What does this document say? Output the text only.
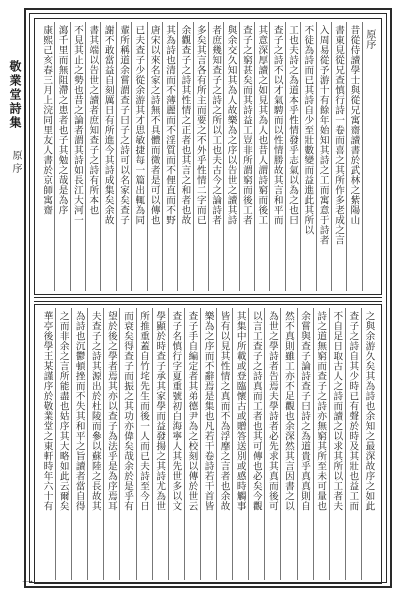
原序
昔從侍讀學士與從兄寓齋讀書於武林之紫陽山
書東見從兄查慎行詩一卷而喜之其所作多老成之言
入周易從予游十有餘年始知其詩之工而寓意于詩者
不徒為詩而已其詩自少至壯數變而益進此其所以
工也夫詩之為道本乎性情發乎志氣以為之也曰
查子之詩不以才氣騁而以性情勝故其言和平而
其意深厚讀之如見其為人也昔人謂詩窮而後工
查子之窮甚矣而其詩益工豈非所謂窮而後工者
與余交久知其為人故樂為之序以告世之讀其詩
者庶幾知查子之詩之所以工也夫古今之論詩者
多矣其言各有所主而要之不外乎性情二字而已
余觀查子之詩其性情之正者也其言之和者也故
其為詩也清而不薄麗而不淫質而不俚直而不野
唐宋以來名家之詩無不具體而微者是可以傳也
已夫查子少從余游其才思敏捷每一篇出輒為同
輩所稱道余嘗謂查子曰子之詩可以名家矣查子
謝不敢當益自刻厲日有所進今其詩成集矣余故
書其端以告世之讀者庶知查子之詩有所本也
不見其止之勢也昔之論者謂其詩如長江大河一
瀉千里而無阻滯之患者也子其勉之哉是為序
康熙己亥春三月上浣同里友人書於京師寓齋
之與余游久矣其為詩也余知之最深故序之如此
查子之詩自其少時已有聲於時及其壯也益工而
不自足日取古人之詩而讀之以求其所以工者夫
詩之道無窮而查子之詩亦無窮其所至未可量也
余嘗與查子論詩查子曰詩之為道貴乎真真則自
然不真則雖工亦不足觀也余深然其言因書之以
為世之學詩者告焉夫學詩者必先求其真而後可
以言工查子之詩真而工者也其可傳也必矣今觀
其集中所載或登臨懷古或贈答送別或感時觸事
皆有以見其性情之真而不為浮靡之言者也余故
樂為之序而不辭焉是集也凡若干卷詩若干首皆
查子手自編定者其弟德尹為之校刻以傳於世云
查子名慎行字夏重號初白海寧人其先世多以文
學顯於時查子承其家學而益發揚之其詩尤為世
所推重蓋自竹垞先生而後一人而已夫詩至今日
而衰矣得查子而振之其功亦偉矣哉余於是乎有
望於後之學者焉其亦以查子為法乎是為序焉耳
夫查子之詩其源出於杜陵而參以蘇陸之長故其
為詩也沉鬱頓挫而不失其和平之旨讀者當自得
之而非余之言所能盡也姑序其大略如此云爾矣
華亭後學王某謹序於敬業堂之東軒時年六十有
敬業堂詩集
原序
一
